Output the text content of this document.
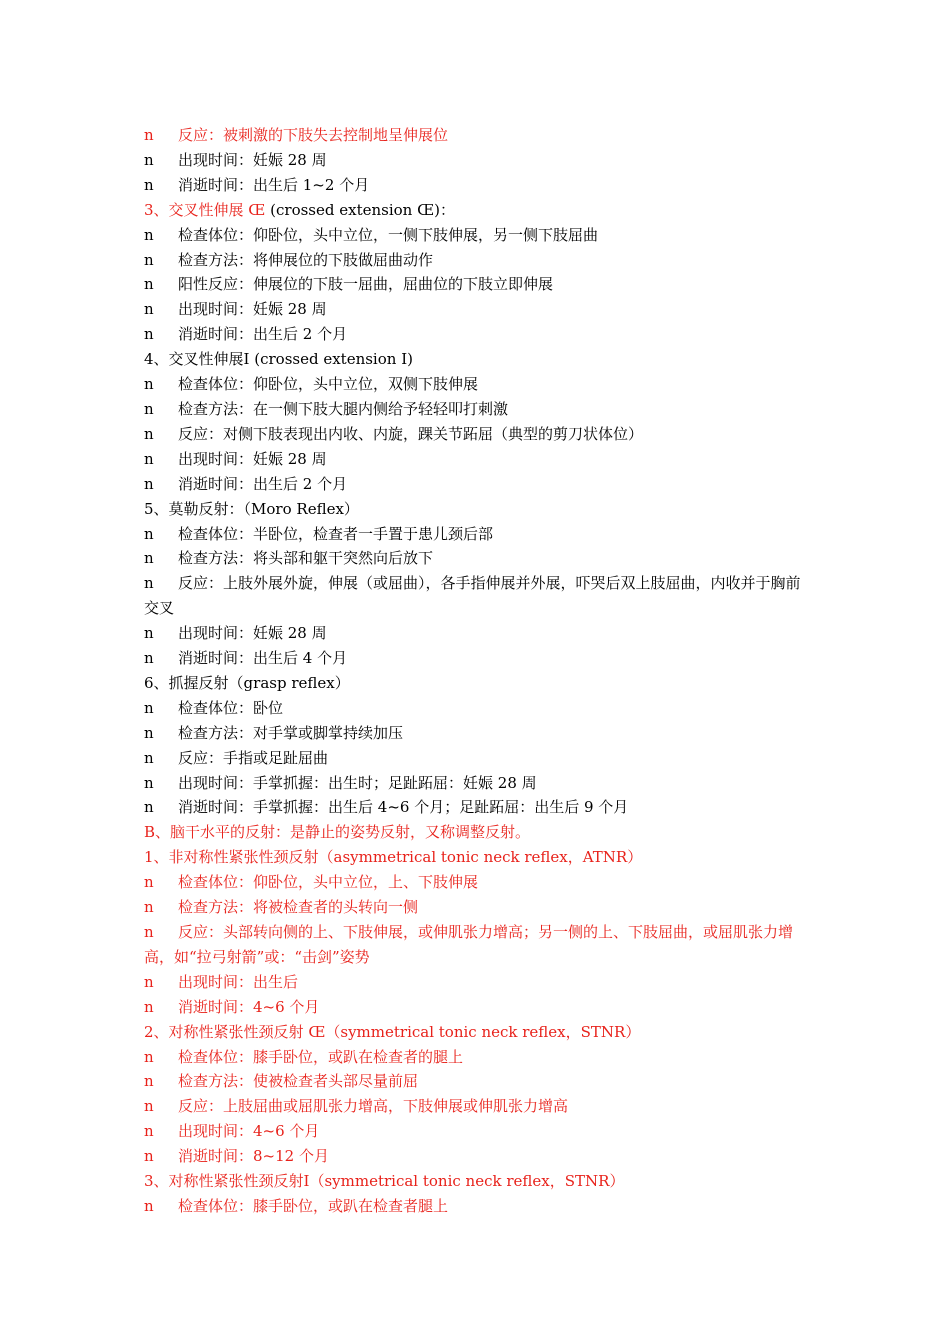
n 反应：被刺激的下肢失去控制地呈伸展位
n 出现时间：妊娠 28 周
n 消逝时间：出生后 1~2 个月
3、交叉性伸展 Œ (crossed extension Œ)：
n 检查体位：仰卧位，头中立位，一侧下肢伸展，另一侧下肢屈曲
n 检查方法：将伸展位的下肢做屈曲动作
n 阳性反应：伸展位的下肢一屈曲，屈曲位的下肢立即伸展
n 出现时间：妊娠 28 周
n 消逝时间：出生后 2 个月
4、交叉性伸展Ⅰ (crossed extension Ⅰ)
n 检查体位：仰卧位，头中立位，双侧下肢伸展
n 检查方法：在一侧下肢大腿内侧给予轻轻叩打刺激
n 反应：对侧下肢表现出内收、内旋，踝关节跖屈（典型的剪刀状体位）
n 出现时间：妊娠 28 周
n 消逝时间：出生后 2 个月
5、莫勒反射：（Moro Reflex）
n 检查体位：半卧位，检查者一手置于患儿颈后部
n 检查方法：将头部和躯干突然向后放下
n 反应：上肢外展外旋，伸展（或屈曲），各手指伸展并外展，吓哭后双上肢屈曲，内收并于胸前交叉
n 出现时间：妊娠 28 周
n 消逝时间：出生后 4 个月
6、抓握反射（grasp reflex）
n 检查体位：卧位
n 检查方法：对手掌或脚掌持续加压
n 反应：手指或足趾屈曲
n 出现时间：手掌抓握：出生时；足趾跖屈：妊娠 28 周
n 消逝时间：手掌抓握：出生后 4~6 个月；足趾跖屈：出生后 9 个月
B、脑干水平的反射：是静止的姿势反射，又称调整反射。
1、非对称性紧张性颈反射（asymmetrical tonic neck reflex，ATNR）
n 检查体位：仰卧位，头中立位，上、下肢伸展
n 检查方法：将被检查者的头转向一侧
n 反应：头部转向侧的上、下肢伸展，或伸肌张力增高；另一侧的上、下肢屈曲，或屈肌张力增高，如“拉弓射箭”或：“击剑”姿势
n 出现时间：出生后
n 消逝时间：4~6 个月
2、对称性紧张性颈反射 Œ（symmetrical tonic neck reflex，STNR）
n 检查体位：膝手卧位，或趴在检查者的腿上
n 检查方法：使被检查者头部尽量前屈
n 反应：上肢屈曲或屈肌张力增高，下肢伸展或伸肌张力增高
n 出现时间：4~6 个月
n 消逝时间：8~12 个月
3、对称性紧张性颈反射Ⅰ（symmetrical tonic neck reflex，STNR）
n 检查体位：膝手卧位，或趴在检查者腿上
